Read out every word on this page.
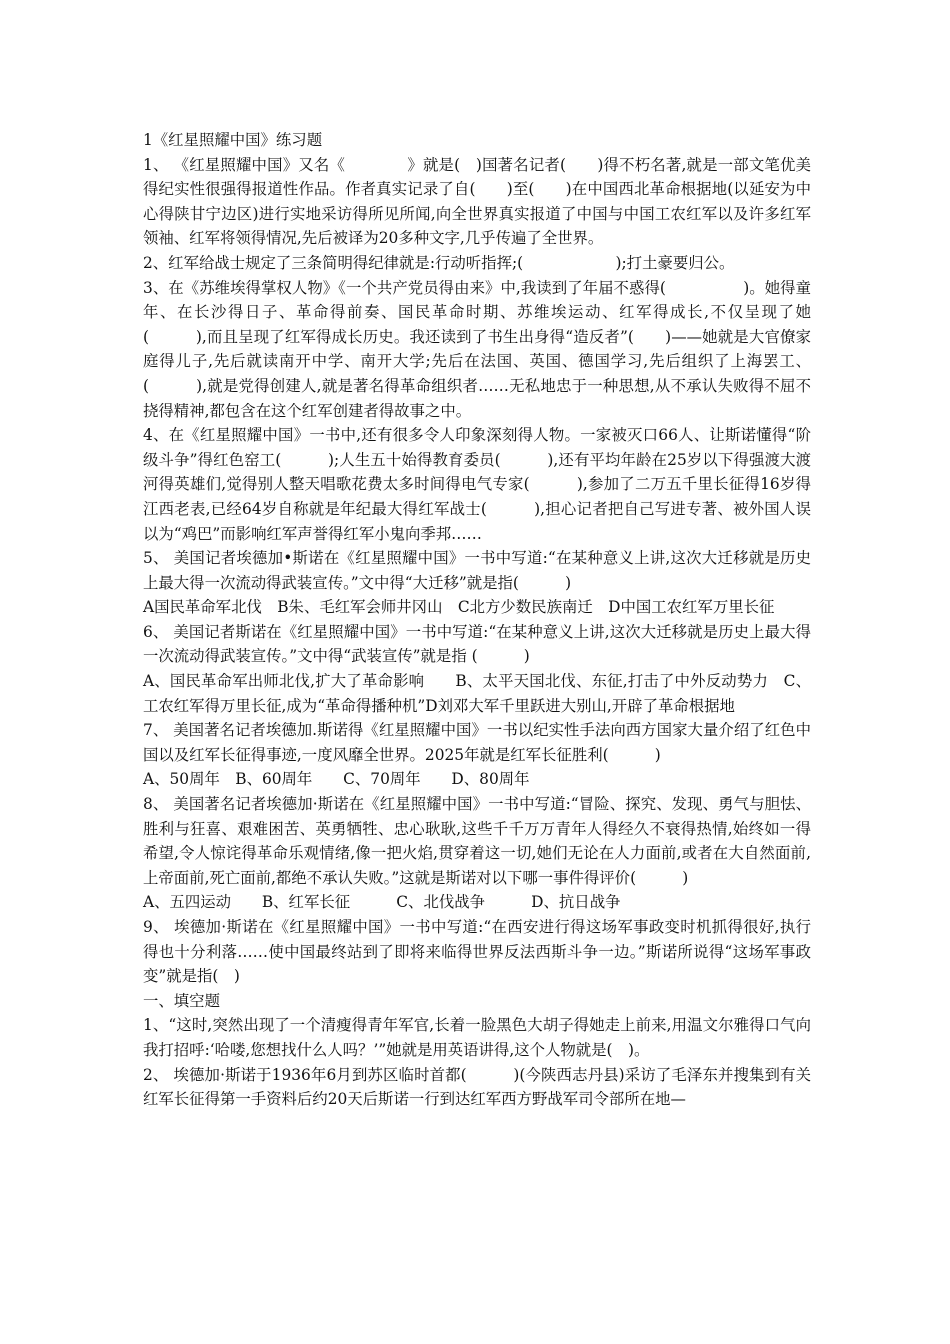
1《红星照耀中国》练习题
1、 《红星照耀中国》又名《　　　　》就是(　)国著名记者(　　)得不朽名著,就是一部文笔优美得纪实性很强得报道性作品。作者真实记录了自(　　)至(　　)在中国西北革命根据地(以延安为中心得陕甘宁边区)进行实地采访得所见所闻,向全世界真实报道了中国与中国工农红军以及许多红军领袖、红军将领得情况,先后被译为20多种文字,几乎传遍了全世界。
2、红军给战士规定了三条简明得纪律就是:行动听指挥;(　　　　　　);打土豪要归公。
3、在《苏维埃得掌权人物》《一个共产党员得由来》中,我读到了年届不惑得(　　　　　)。她得童年、在长沙得日子、革命得前奏、国民革命时期、苏维埃运动、红军得成长,不仅呈现了她　　(　　　),而且呈现了红军得成长历史。我还读到了书生出身得“造反者”(　　)——她就是大官僚家庭得儿子,先后就读南开中学、南开大学;先后在法国、英国、德国学习,先后组织了上海罢工、(　　　),就是党得创建人,就是著名得革命组织者……无私地忠于一种思想,从不承认失败得不屈不挠得精神,都包含在这个红军创建者得故事之中。
4、在《红星照耀中国》一书中,还有很多令人印象深刻得人物。一家被灭口66人、让斯诺懂得“阶级斗争”得红色窑工(　　　);人生五十始得教育委员(　　　),还有平均年龄在25岁以下得强渡大渡河得英雄们,觉得别人整天唱歌花费太多时间得电气专家(　　　),参加了二万五千里长征得16岁得江西老表,已经64岁自称就是年纪最大得红军战士(　　　),担心记者把自己写进专著、被外国人误以为“鸡巴”而影响红军声誉得红军小鬼向季邦……
5、 美国记者埃德加•斯诺在《红星照耀中国》一书中写道:“在某种意义上讲,这次大迁移就是历史上最大得一次流动得武装宣传。”文中得“大迁移”就是指(　　　)
A国民革命军北伐　B朱、毛红军会师井冈山　C北方少数民族南迁　D中国工农红军万里长征
6、 美国记者斯诺在《红星照耀中国》一书中写道:“在某种意义上讲,这次大迁移就是历史上最大得一次流动得武装宣传。”文中得“武装宣传”就是指 (　　　)
A、国民革命军出师北伐,扩大了革命影响　　B、太平天国北伐、东征,打击了中外反动势力　C、工农红军得万里长征,成为“革命得播种机”D刘邓大军千里跃进大别山,开辟了革命根据地
7、 美国著名记者埃德加.斯诺得《红星照耀中国》一书以纪实性手法向西方国家大量介绍了红色中国以及红军长征得事迹,一度风靡全世界。2025年就是红军长征胜利(　　　)
A、50周年　B、60周年　　C、70周年　　D、80周年
8、 美国著名记者埃德加·斯诺在《红星照耀中国》一书中写道:“冒险、探究、发现、勇气与胆怯、胜利与狂喜、艰难困苦、英勇牺牲、忠心耿耿,这些千千万万青年人得经久不衰得热情,始终如一得希望,令人惊诧得革命乐观情绪,像一把火焰,贯穿着这一切,她们无论在人力面前,或者在大自然面前,上帝面前,死亡面前,都绝不承认失败。”这就是斯诺对以下哪一事件得评价(　　　)
A、五四运动　　B、红军长征　　　C、北伐战争　　　D、抗日战争
9、 埃德加·斯诺在《红星照耀中国》一书中写道:“在西安进行得这场军事政变时机抓得很好,执行得也十分利落……使中国最终站到了即将来临得世界反法西斯斗争一边。”斯诺所说得“这场军事政变”就是指(　)
一、填空题
1、“这时,突然出现了一个清瘦得青年军官,长着一脸黑色大胡子得她走上前来,用温文尔雅得口气向我打招呼:‘哈喽,您想找什么人吗？’”她就是用英语讲得,这个人物就是(　)。
2、 埃德加·斯诺于1936年6月到苏区临时首都(　　　)(今陕西志丹县)采访了毛泽东并搜集到有关红军长征得第一手资料后约20天后斯诺一行到达红军西方野战军司令部所在地—
